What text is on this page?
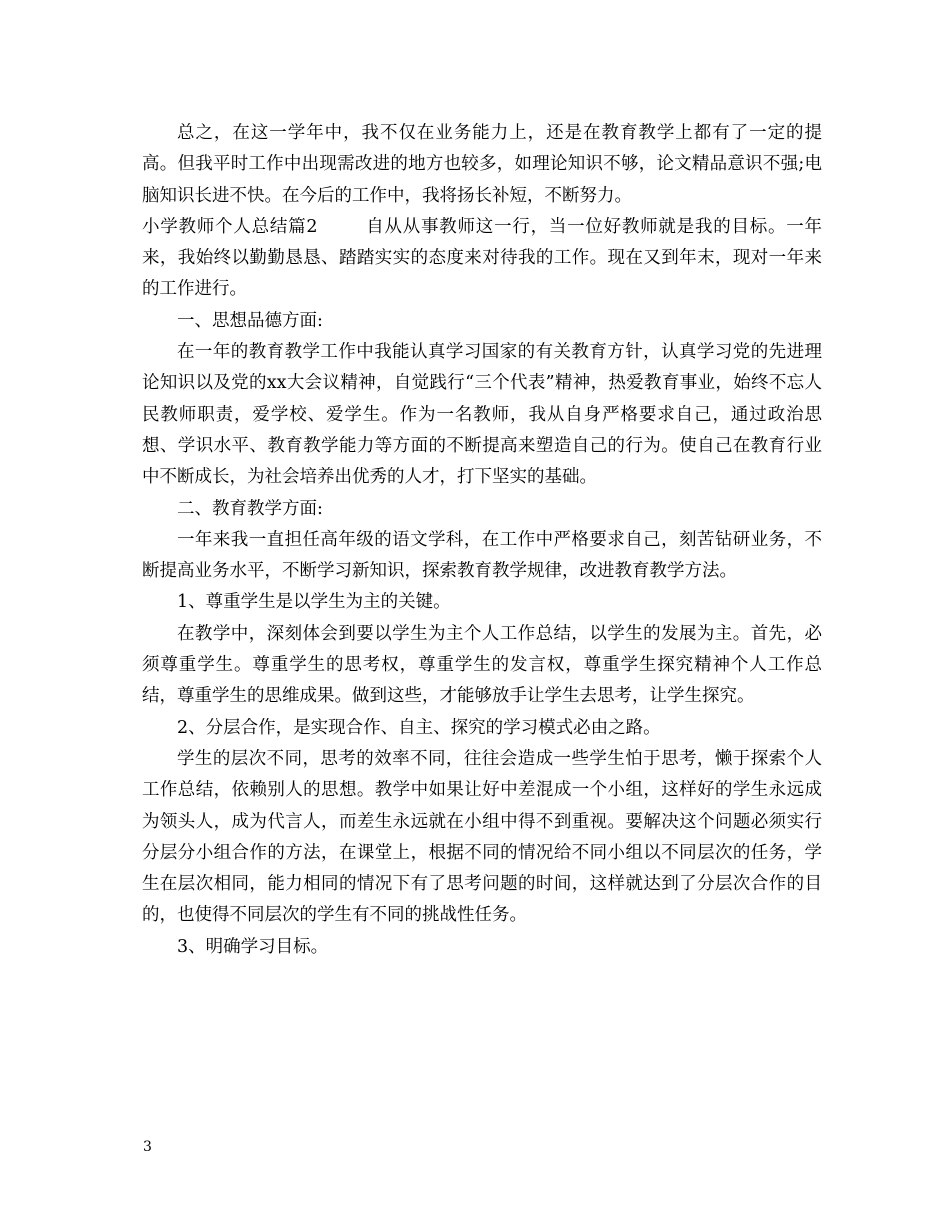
总之，在这一学年中，我不仅在业务能力上，还是在教育教学上都有了一定的提高。但我平时工作中出现需改进的地方也较多，如理论知识不够，论文精品意识不强;电脑知识长进不快。在今后的工作中，我将扬长补短，不断努力。

小学教师个人总结篇2	自从从事教师这一行，当一位好教师就是我的目标。一年来，我始终以勤勤恳恳、踏踏实实的态度来对待我的工作。现在又到年末，现对一年来的工作进行。

一、思想品德方面:

在一年的教育教学工作中我能认真学习国家的有关教育方针，认真学习党的先进理论知识以及党的xx大会议精神，自觉践行“三个代表”精神，热爱教育事业，始终不忘人民教师职责，爱学校、爱学生。作为一名教师，我从自身严格要求自己，通过政治思想、学识水平、教育教学能力等方面的不断提高来塑造自己的行为。使自己在教育行业中不断成长，为社会培养出优秀的人才，打下坚实的基础。

二、教育教学方面:

一年来我一直担任高年级的语文学科，在工作中严格要求自己，刻苦钻研业务，不断提高业务水平，不断学习新知识，探索教育教学规律，改进教育教学方法。

1、尊重学生是以学生为主的关键。

在教学中，深刻体会到要以学生为主个人工作总结，以学生的发展为主。首先，必须尊重学生。尊重学生的思考权，尊重学生的发言权，尊重学生探究精神个人工作总结，尊重学生的思维成果。做到这些，才能够放手让学生去思考，让学生探究。

2、分层合作，是实现合作、自主、探究的学习模式必由之路。

学生的层次不同，思考的效率不同，往往会造成一些学生怕于思考，懒于探索个人工作总结，依赖别人的思想。教学中如果让好中差混成一个小组，这样好的学生永远成为领头人，成为代言人，而差生永远就在小组中得不到重视。要解决这个问题必须实行分层分小组合作的方法，在课堂上，根据不同的情况给不同小组以不同层次的任务，学生在层次相同，能力相同的情况下有了思考问题的时间，这样就达到了分层次合作的目的，也使得不同层次的学生有不同的挑战性任务。

3、明确学习目标。

3
